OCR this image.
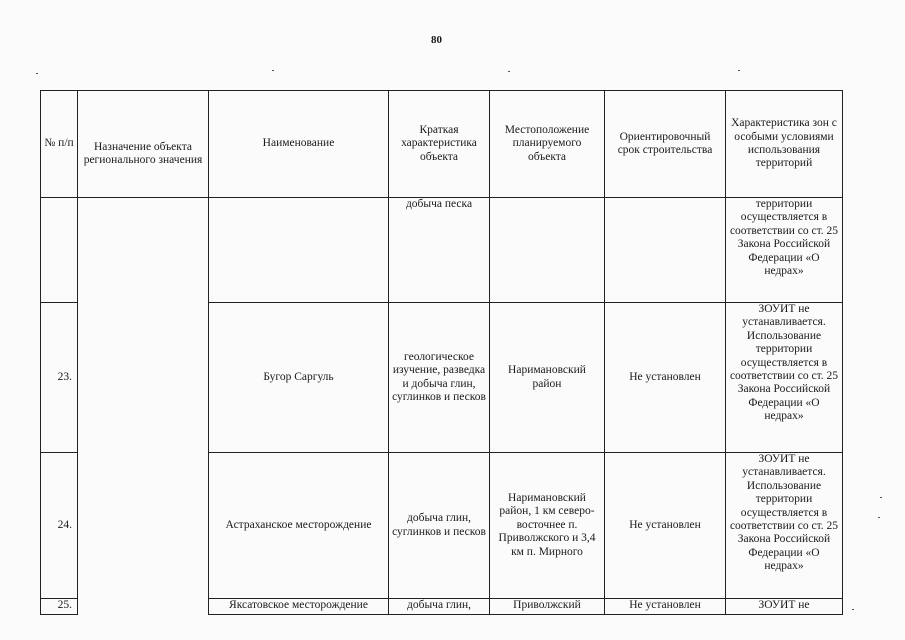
80
№ п/п	Назначение объекта регионального значения	Наименование	Краткая характеристика объекта	Местоположение планируемого объекта	Ориентировочный срок строительства	Характеристика зон с особыми условиями использования территорий
			добыча песка			территории осуществляется в соответствии со ст. 25 Закона Российской Федерации «О недрах»
23.		Бугор Саргуль	геологическое изучение, разведка и добыча глин, суглинков и песков	Наримановский район	Не установлен	ЗОУИТ не устанавливается. Использование территории осуществляется в соответствии со ст. 25 Закона Российской Федерации «О недрах»
24.		Астраханское месторождение	добыча глин, суглинков и песков	Наримановский район, 1 км северо-восточнее п. Приволжского и 3,4 км п. Мирного	Не установлен	ЗОУИТ не устанавливается. Использование территории осуществляется в соответствии со ст. 25 Закона Российской Федерации «О недрах»
25.		Яксатовское месторождение	добыча глин,	Приволжский	Не установлен	ЗОУИТ не
